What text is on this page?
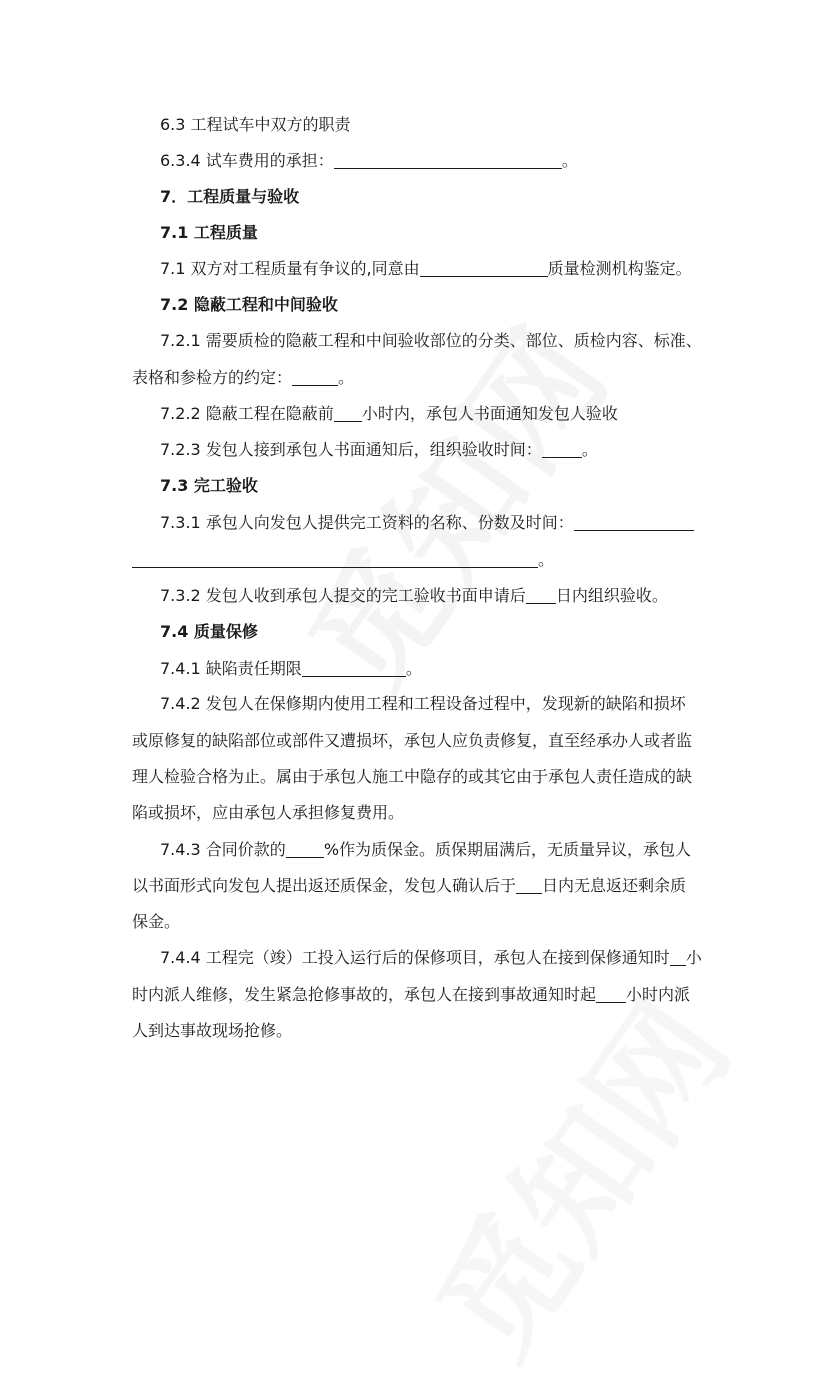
6.3 工程试车中双方的职责
6.3.4 试车费用的承担：	。
7．工程质量与验收
7.1 工程质量
7.1 双方对工程质量有争议的,同意由	质量检测机构鉴定。
7.2 隐蔽工程和中间验收
7.2.1 需要质检的隐蔽工程和中间验收部位的分类、部位、质检内容、标准、
表格和参检方的约定：	。
7.2.2 隐蔽工程在隐蔽前 小时内，承包人书面通知发包人验收
7.2.3 发包人接到承包人书面通知后，组织验收时间：	。
7.3 完工验收
7.3.1 承包人向发包人提供完工资料的名称、份数及时间：
。
7.3.2 发包人收到承包人提交的完工验收书面申请后 日内组织验收。
7.4 质量保修
7.4.1 缺陷责任期限	。
7.4.2 发包人在保修期内使用工程和工程设备过程中，发现新的缺陷和损坏
或原修复的缺陷部位或部件又遭损坏，承包人应负责修复，直至经承办人或者监
理人检验合格为止。属由于承包人施工中隐存的或其它由于承包人责任造成的缺
陷或损坏，应由承包人承担修复费用。
7.4.3 合同价款的 %作为质保金。质保期届满后，无质量异议，承包人
以书面形式向发包人提出返还质保金，发包人确认后于 日内无息返还剩余质
保金。
7.4.4 工程完（竣）工投入运行后的保修项目，承包人在接到保修通知时 小
时内派人维修，发生紧急抢修事故的，承包人在接到事故通知时起 小时内派
人到达事故现场抢修。
